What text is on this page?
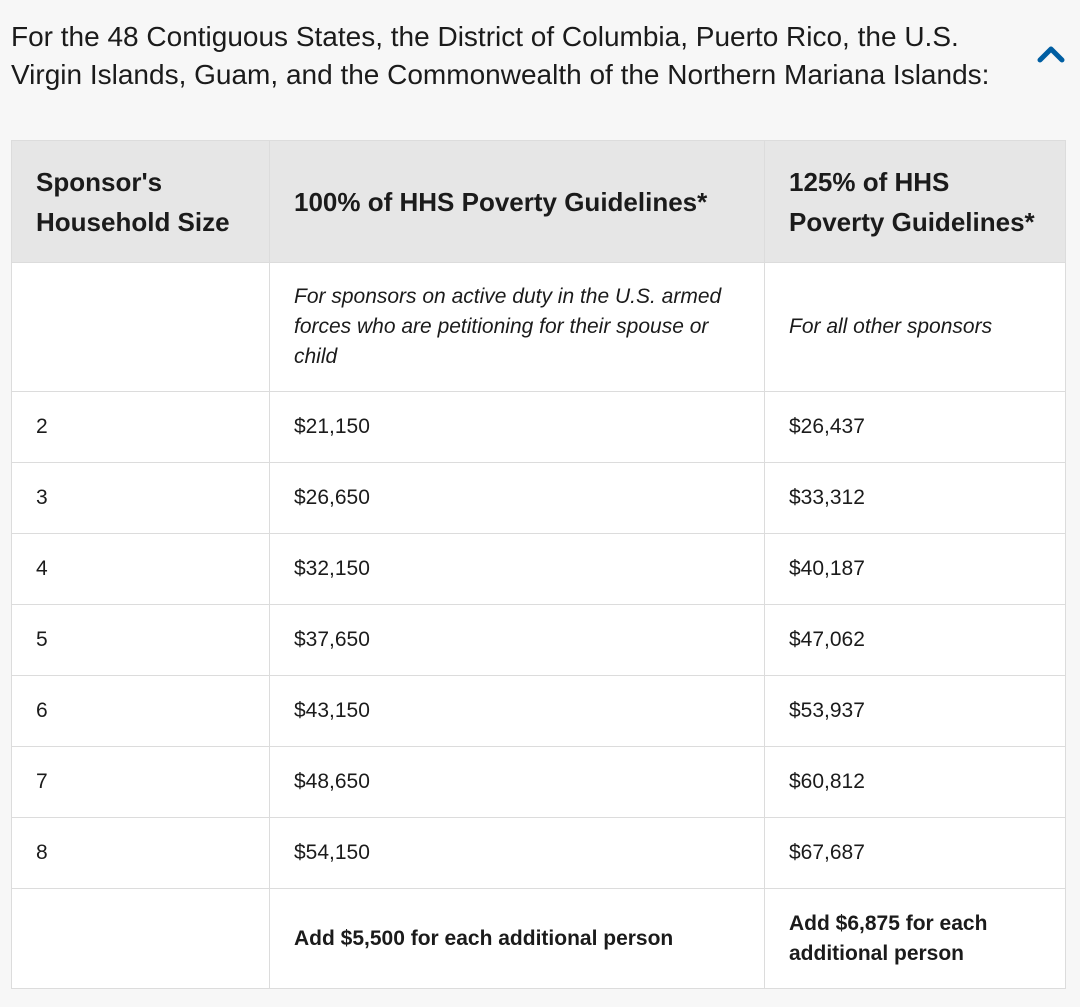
For the 48 Contiguous States, the District of Columbia, Puerto Rico, the U.S. Virgin Islands, Guam, and the Commonwealth of the Northern Mariana Islands:
Sponsor's Household Size	100% of HHS Poverty Guidelines*	125% of HHS Poverty Guidelines*
	For sponsors on active duty in the U.S. armed forces who are petitioning for their spouse or child	For all other sponsors
2	$21,150	$26,437
3	$26,650	$33,312
4	$32,150	$40,187
5	$37,650	$47,062
6	$43,150	$53,937
7	$48,650	$60,812
8	$54,150	$67,687
	Add $5,500 for each additional person	Add $6,875 for each additional person
